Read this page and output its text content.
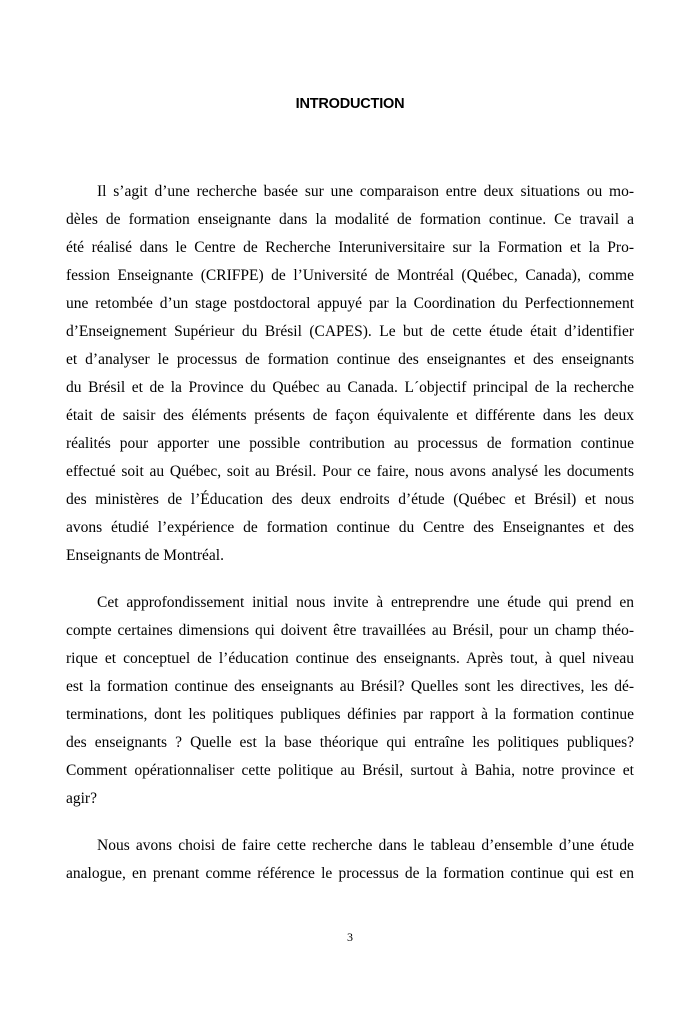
INTRODUCTION
Il s’agit d’une recherche basée sur une comparaison entre deux situations ou mo-
dèles de formation enseignante dans la modalité de formation continue. Ce travail a
été réalisé dans le Centre de Recherche Interuniversitaire sur la Formation et la Pro-
fession Enseignante (CRIFPE) de l’Université de Montréal (Québec, Canada), comme
une retombée d’un stage postdoctoral appuyé par la Coordination du Perfectionnement
d’Enseignement Supérieur du Brésil (CAPES). Le but de cette étude était d’identifier
et d’analyser le processus de formation continue des enseignantes et des enseignants
du Brésil et de la Province du Québec au Canada. L´objectif principal de la recherche
était de saisir des éléments présents de façon équivalente et différente dans les deux
réalités pour apporter une possible contribution au processus de formation continue
effectué soit au Québec, soit au Brésil. Pour ce faire, nous avons analysé les documents
des ministères de l’Éducation des deux endroits d’étude (Québec et Brésil) et nous
avons étudié l’expérience de formation continue du Centre des Enseignantes et des
Enseignants de Montréal.
Cet approfondissement initial nous invite à entreprendre une étude qui prend en
compte certaines dimensions qui doivent être travaillées au Brésil, pour un champ théo-
rique et conceptuel de l’éducation continue des enseignants. Après tout, à quel niveau
est la formation continue des enseignants au Brésil? Quelles sont les directives, les dé-
terminations, dont les politiques publiques définies par rapport à la formation continue
des enseignants ? Quelle est la base théorique qui entraîne les politiques publiques?
Comment opérationnaliser cette politique au Brésil, surtout à Bahia, notre province et
agir?
Nous avons choisi de faire cette recherche dans le tableau d’ensemble d’une étude
analogue, en prenant comme référence le processus de la formation continue qui est en
3
